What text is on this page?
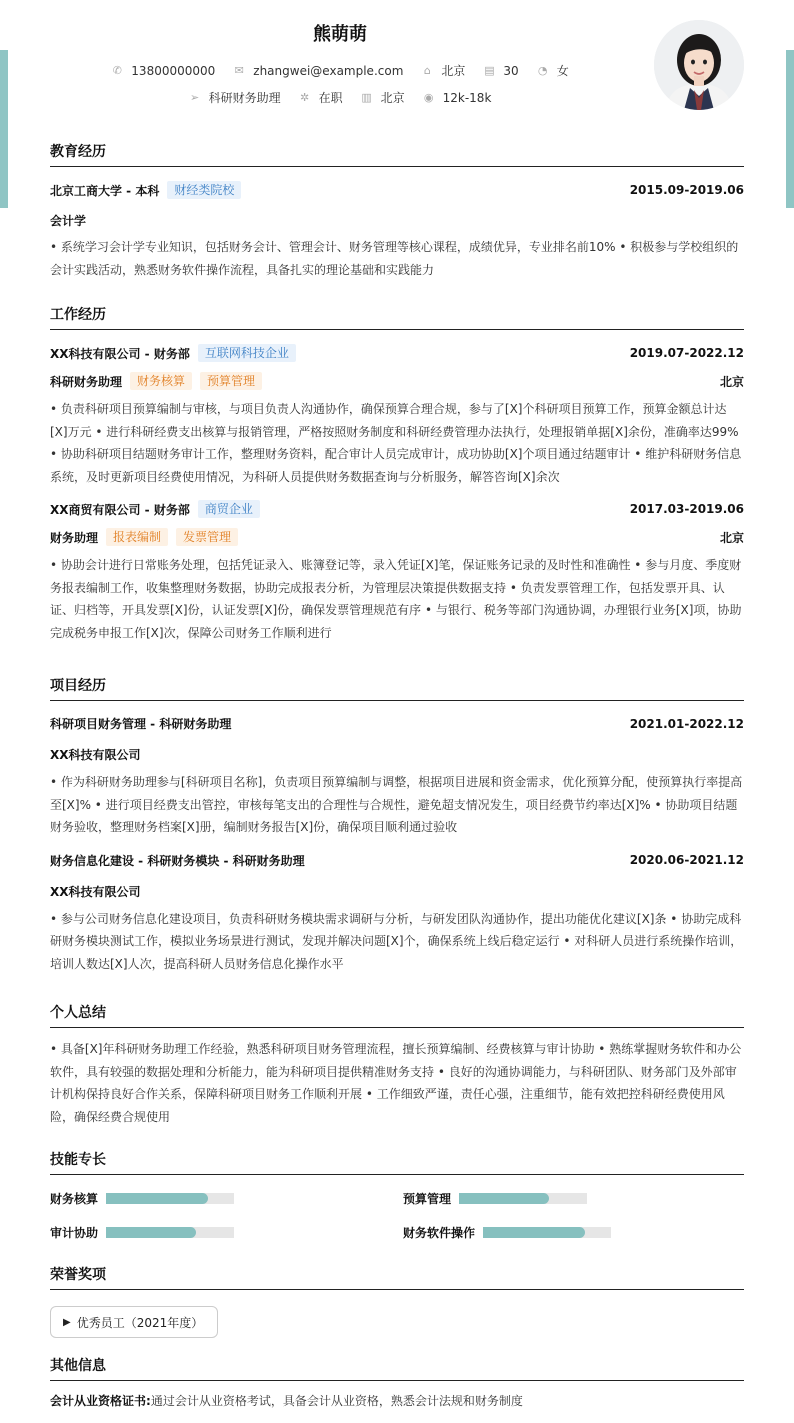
熊萌萌
✆ 13800000000 ✉ zhangwei@example.com ⌂ 北京 ▤ 30 ◔ 女
➢ 科研财务助理 ✲ 在职 ▥ 北京 ◉ 12k-18k
教育经历
北京工商大学 - 本科	财经类院校	2015.09-2019.06
会计学
• 系统学习会计学专业知识，包括财务会计、管理会计、财务管理等核心课程，成绩优异，专业排名前10% • 积极参与学校组织的会计实践活动，熟悉财务软件操作流程，具备扎实的理论基础和实践能力
工作经历
XX科技有限公司 - 财务部	互联网科技企业	2019.07-2022.12
科研财务助理	财务核算	预算管理	北京
• 负责科研项目预算编制与审核，与项目负责人沟通协作，确保预算合理合规，参与了[X]个科研项目预算工作，预算金额总计达[X]万元 • 进行科研经费支出核算与报销管理，严格按照财务制度和科研经费管理办法执行，处理报销单据[X]余份，准确率达99% • 协助科研项目结题财务审计工作，整理财务资料，配合审计人员完成审计，成功协助[X]个项目通过结题审计 • 维护科研财务信息系统，及时更新项目经费使用情况，为科研人员提供财务数据查询与分析服务，解答咨询[X]余次
XX商贸有限公司 - 财务部	商贸企业	2017.03-2019.06
财务助理	报表编制	发票管理	北京
• 协助会计进行日常账务处理，包括凭证录入、账簿登记等，录入凭证[X]笔，保证账务记录的及时性和准确性 • 参与月度、季度财务报表编制工作，收集整理财务数据，协助完成报表分析，为管理层决策提供数据支持 • 负责发票管理工作，包括发票开具、认证、归档等，开具发票[X]份，认证发票[X]份，确保发票管理规范有序 • 与银行、税务等部门沟通协调，办理银行业务[X]项，协助完成税务申报工作[X]次，保障公司财务工作顺利进行
项目经历
科研项目财务管理 - 科研财务助理	2021.01-2022.12
XX科技有限公司
• 作为科研财务助理参与[科研项目名称]，负责项目预算编制与调整，根据项目进展和资金需求，优化预算分配，使预算执行率提高至[X]% • 进行项目经费支出管控，审核每笔支出的合理性与合规性，避免超支情况发生，项目经费节约率达[X]% • 协助项目结题财务验收，整理财务档案[X]册，编制财务报告[X]份，确保项目顺利通过验收
财务信息化建设 - 科研财务模块 - 科研财务助理	2020.06-2021.12
XX科技有限公司
• 参与公司财务信息化建设项目，负责科研财务模块需求调研与分析，与研发团队沟通协作，提出功能优化建议[X]条 • 协助完成科研财务模块测试工作，模拟业务场景进行测试，发现并解决问题[X]个，确保系统上线后稳定运行 • 对科研人员进行系统操作培训，培训人数达[X]人次，提高科研人员财务信息化操作水平
个人总结
• 具备[X]年科研财务助理工作经验，熟悉科研项目财务管理流程，擅长预算编制、经费核算与审计协助 • 熟练掌握财务软件和办公软件，具有较强的数据处理和分析能力，能为科研项目提供精准财务支持 • 良好的沟通协调能力，与科研团队、财务部门及外部审计机构保持良好合作关系，保障科研项目财务工作顺利开展 • 工作细致严谨，责任心强，注重细节，能有效把控科研经费使用风险，确保经费合规使用
技能专长
财务核算	预算管理
审计协助	财务软件操作
荣誉奖项
▶ 优秀员工（2021年度）
其他信息
会计从业资格证书:通过会计从业资格考试，具备会计从业资格，熟悉会计法规和财务制度
